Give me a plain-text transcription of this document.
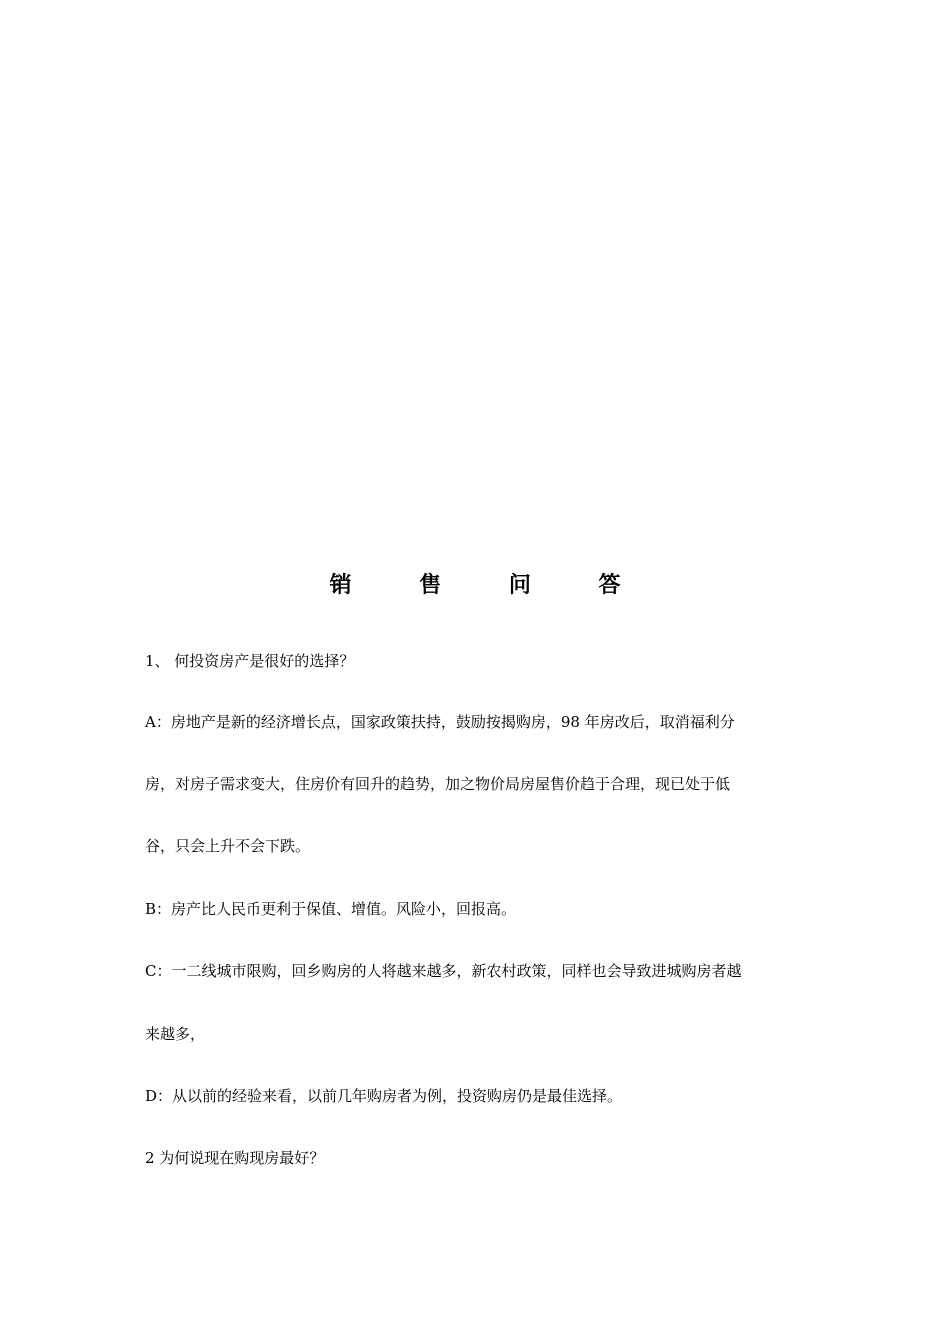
销 售 问 答
1、 何投资房产是很好的选择？
A：房地产是新的经济增长点，国家政策扶持，鼓励按揭购房，98 年房改后，取消福利分
房，对房子需求变大，住房价有回升的趋势，加之物价局房屋售价趋于合理，现已处于低
谷，只会上升不会下跌。
B：房产比人民币更利于保值、增值。风险小，回报高。
C：一二线城市限购，回乡购房的人将越来越多，新农村政策，同样也会导致进城购房者越
来越多，
D：从以前的经验来看，以前几年购房者为例，投资购房仍是最佳选择。
2 为何说现在购现房最好？
